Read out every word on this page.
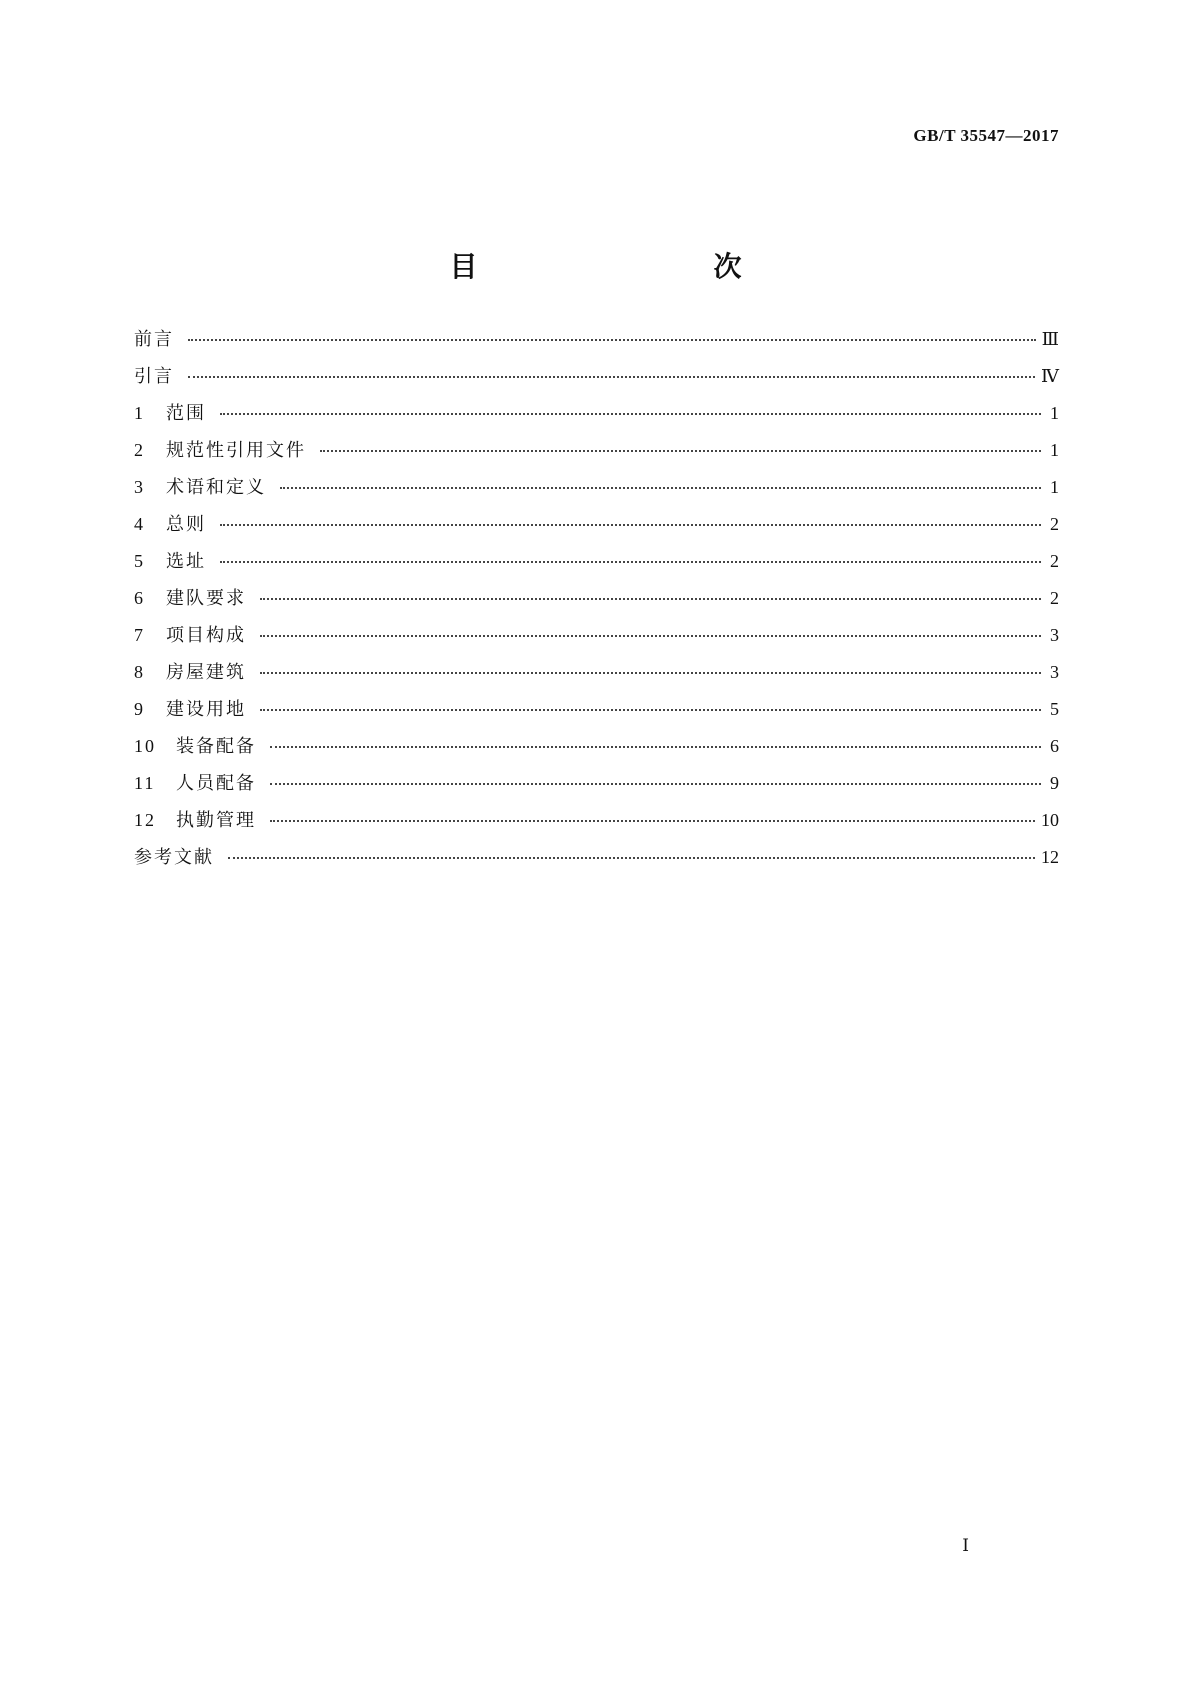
GB/T 35547—2017
目　　次
前言	Ⅲ
引言	Ⅳ
1	范围	1
2	规范性引用文件	1
3	术语和定义	1
4	总则	2
5	选址	2
6	建队要求	2
7	项目构成	3
8	房屋建筑	3
9	建设用地	5
10	装备配备	6
11	人员配备	9
12	执勤管理	10
参考文献	12
Ⅰ
